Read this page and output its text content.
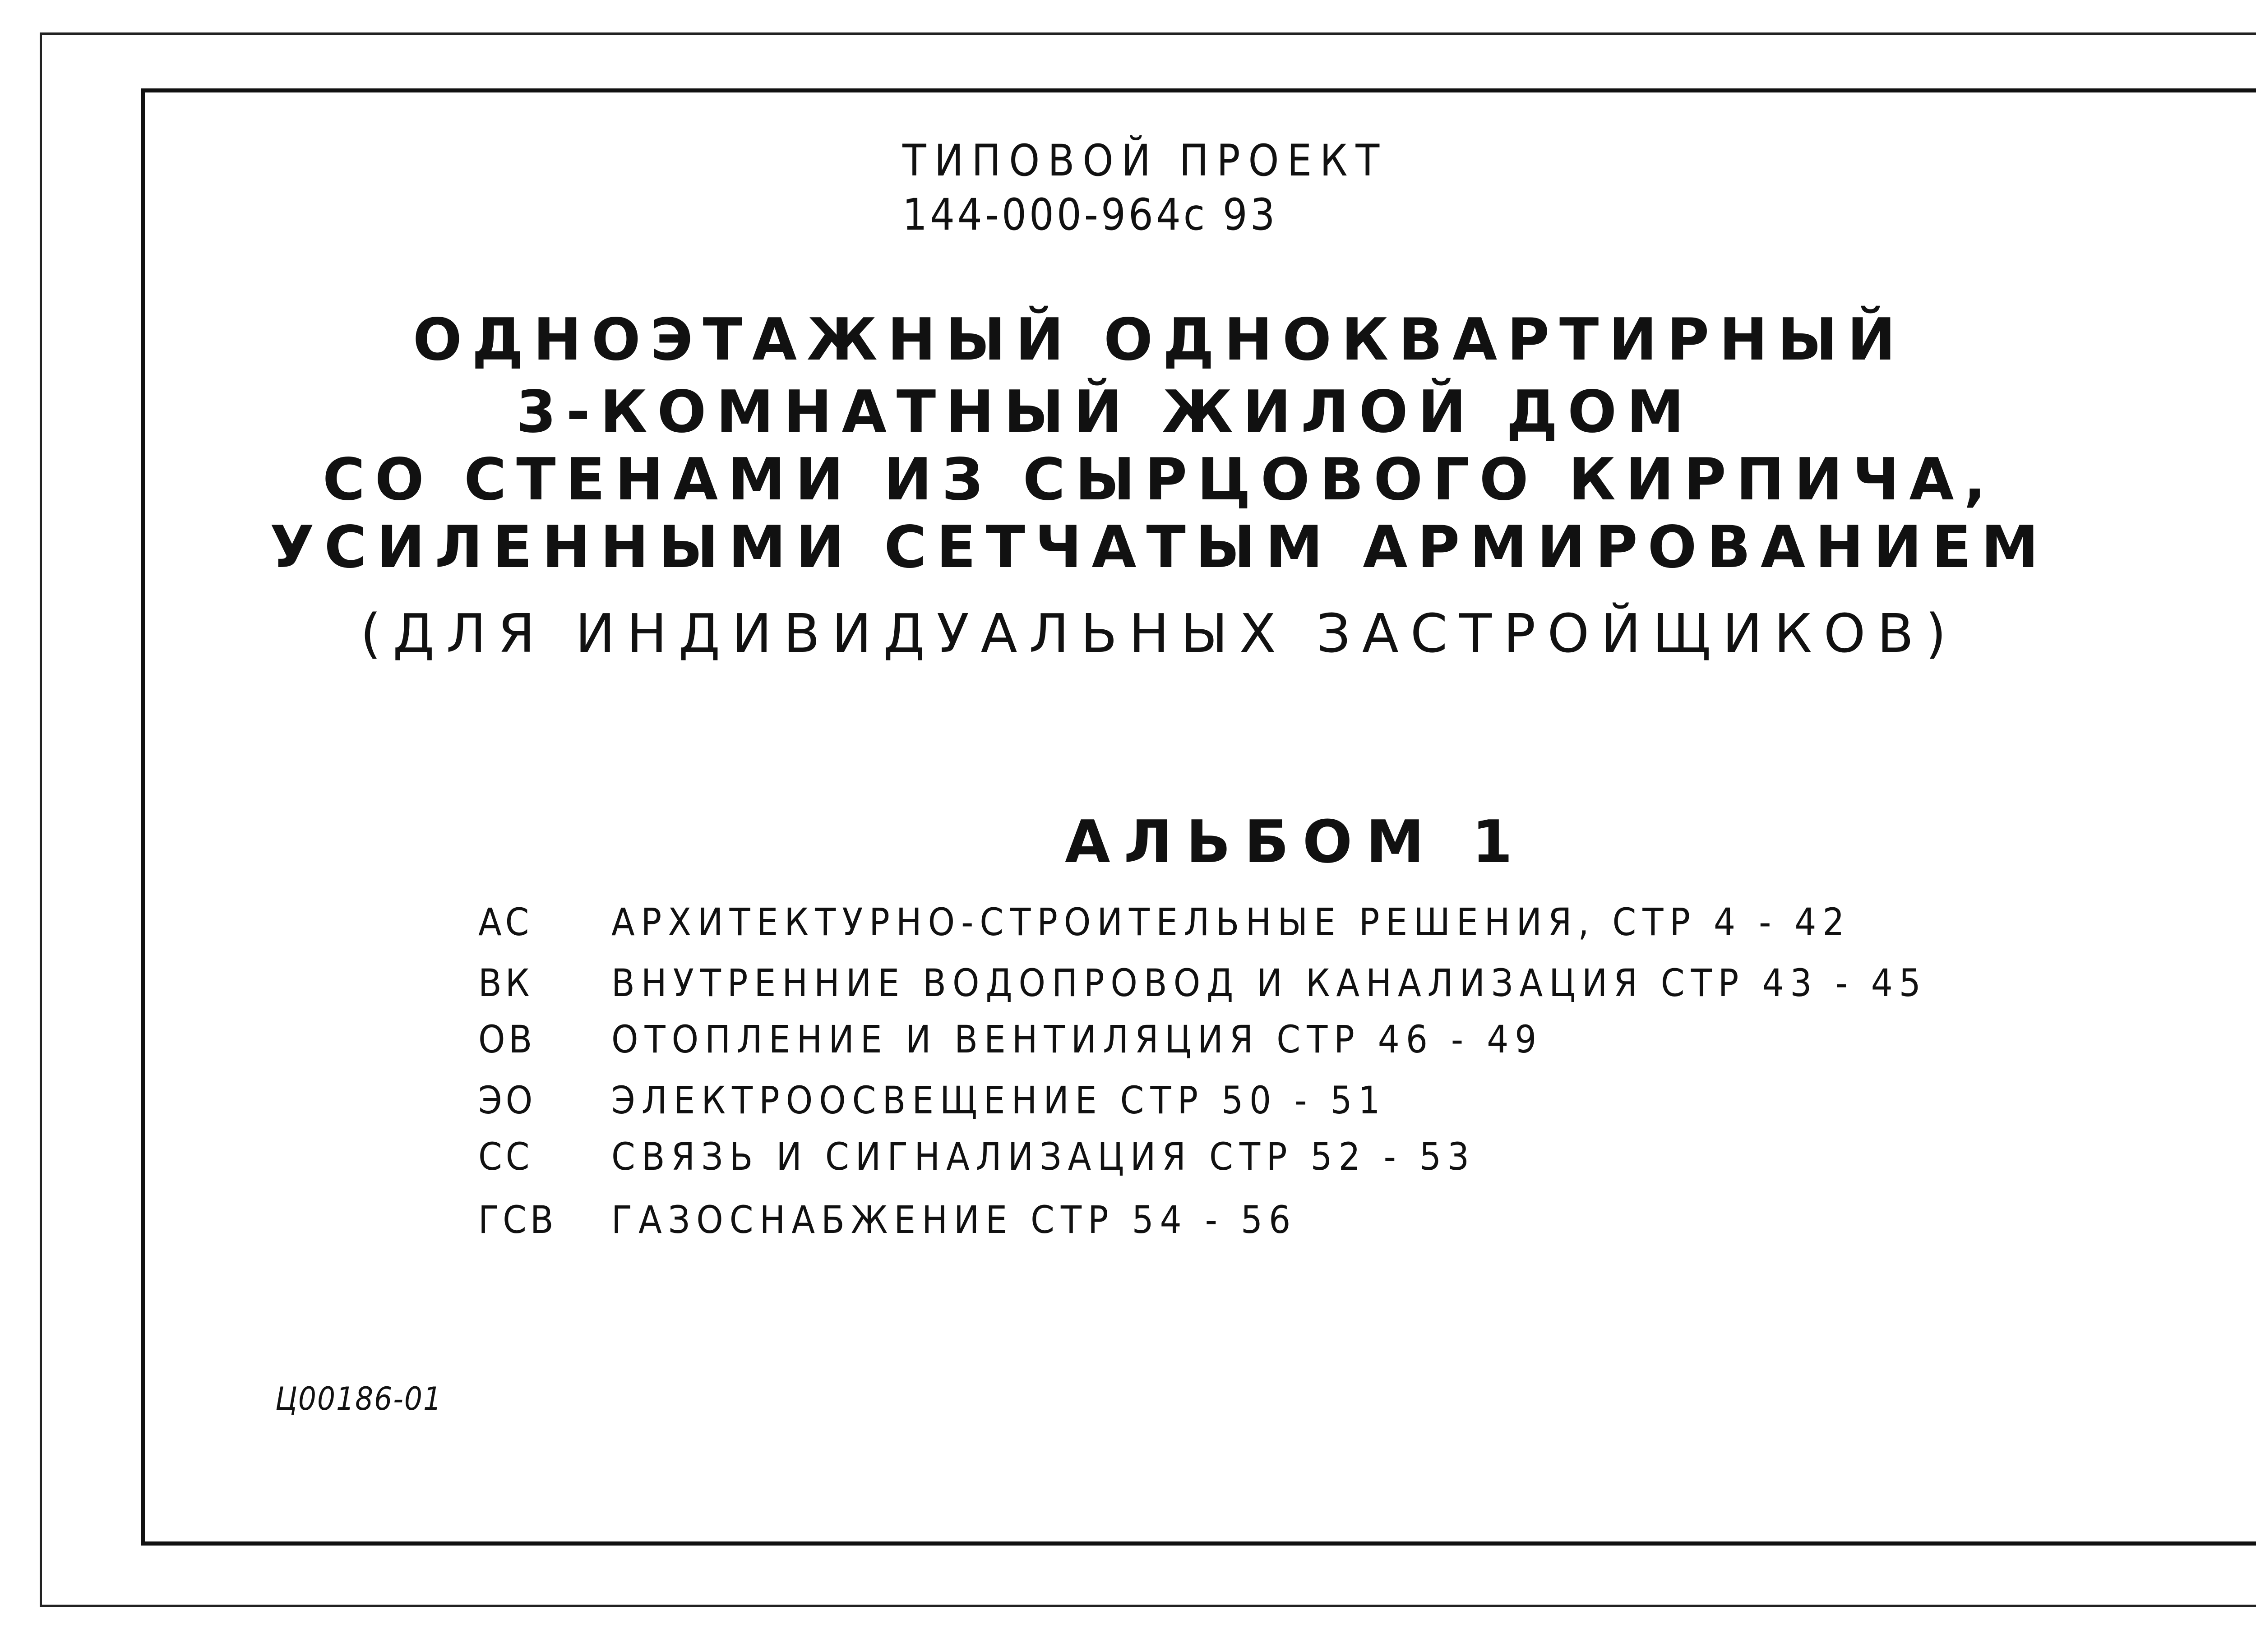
ТИПОВОЙ ПРОЕКТ
144-000-964с 93
ОДНОЭТАЖНЫЙ ОДНОКВАРТИРНЫЙ
3-КОМНАТНЫЙ ЖИЛОЙ ДОМ
СО СТЕНАМИ ИЗ СЫРЦОВОГО КИРПИЧА,
УСИЛЕННЫМИ СЕТЧАТЫМ АРМИРОВАНИЕМ
(ДЛЯ ИНДИВИДУАЛЬНЫХ ЗАСТРОЙЩИКОВ)
АЛЬБОМ 1
АС АРХИТЕКТУРНО-СТРОИТЕЛЬНЫЕ РЕШЕНИЯ, СТР 4 - 42
ВК ВНУТРЕННИЕ ВОДОПРОВОД И КАНАЛИЗАЦИЯ СТР 43 - 45
ОВ ОТОПЛЕНИЕ И ВЕНТИЛЯЦИЯ СТР 46 - 49
ЭО ЭЛЕКТРООСВЕЩЕНИЕ СТР 50 - 51
СС СВЯЗЬ И СИГНАЛИЗАЦИЯ СТР 52 - 53
ГСВ ГАЗОСНАБЖЕНИЕ СТР 54 - 56
Ц00186-01
